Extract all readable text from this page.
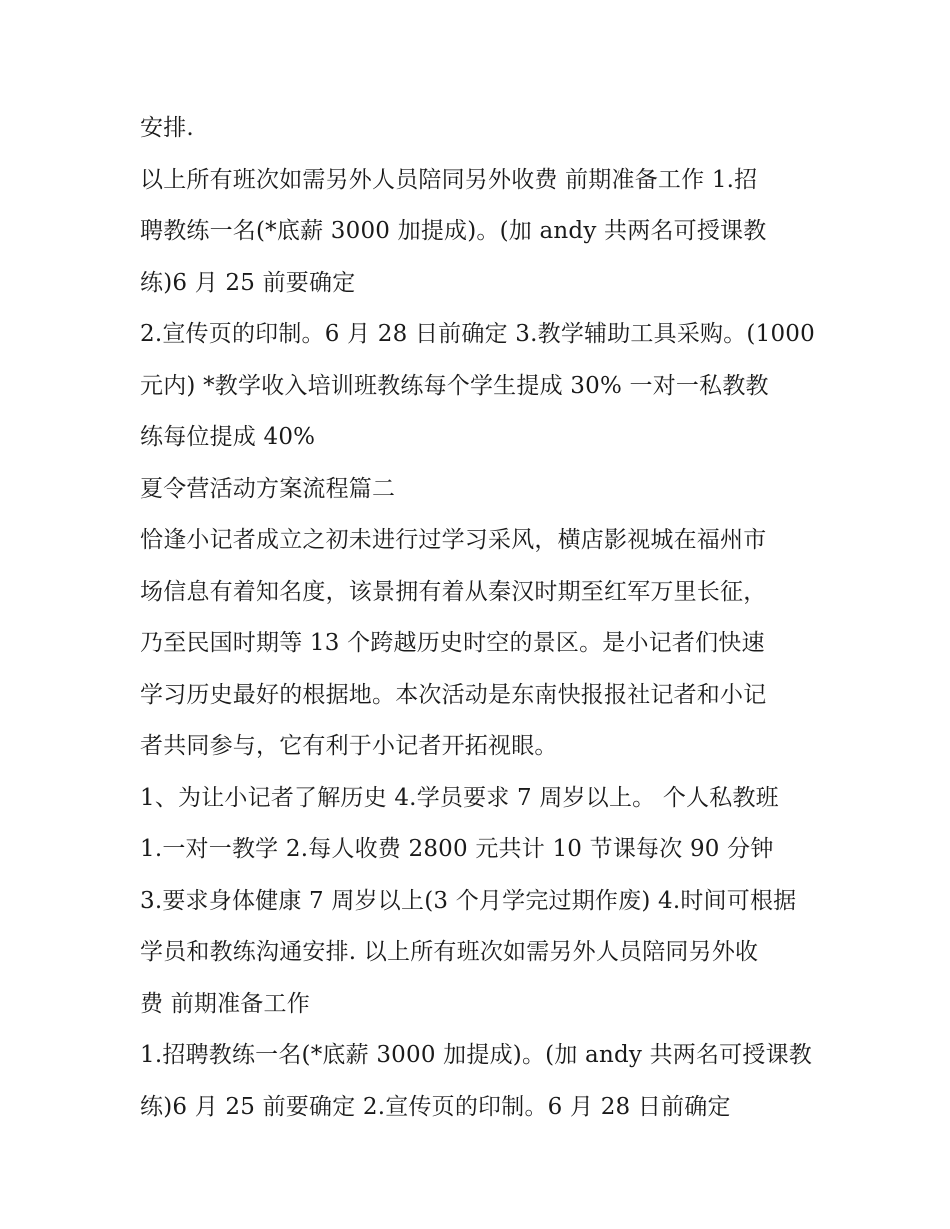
安排.
以上所有班次如需另外人员陪同另外收费 前期准备工作 1.招
聘教练一名(*底薪 3000 加提成)。(加 andy 共两名可授课教
练)6 月 25 前要确定
2.宣传页的印制。6 月 28 日前确定 3.教学辅助工具采购。(1000
元内) *教学收入培训班教练每个学生提成 30% 一对一私教教
练每位提成 40%
夏令营活动方案流程篇二
恰逢小记者成立之初未进行过学习采风，横店影视城在福州市
场信息有着知名度，该景拥有着从秦汉时期至红军万里长征，
乃至民国时期等 13 个跨越历史时空的景区。是小记者们快速
学习历史最好的根据地。本次活动是东南快报报社记者和小记
者共同参与，它有利于小记者开拓视眼。
1、为让小记者了解历史 4.学员要求 7 周岁以上。 个人私教班
1.一对一教学 2.每人收费 2800 元共计 10 节课每次 90 分钟
3.要求身体健康 7 周岁以上(3 个月学完过期作废) 4.时间可根据
学员和教练沟通安排. 以上所有班次如需另外人员陪同另外收
费 前期准备工作
1.招聘教练一名(*底薪 3000 加提成)。(加 andy 共两名可授课教
练)6 月 25 前要确定 2.宣传页的印制。6 月 28 日前确定
